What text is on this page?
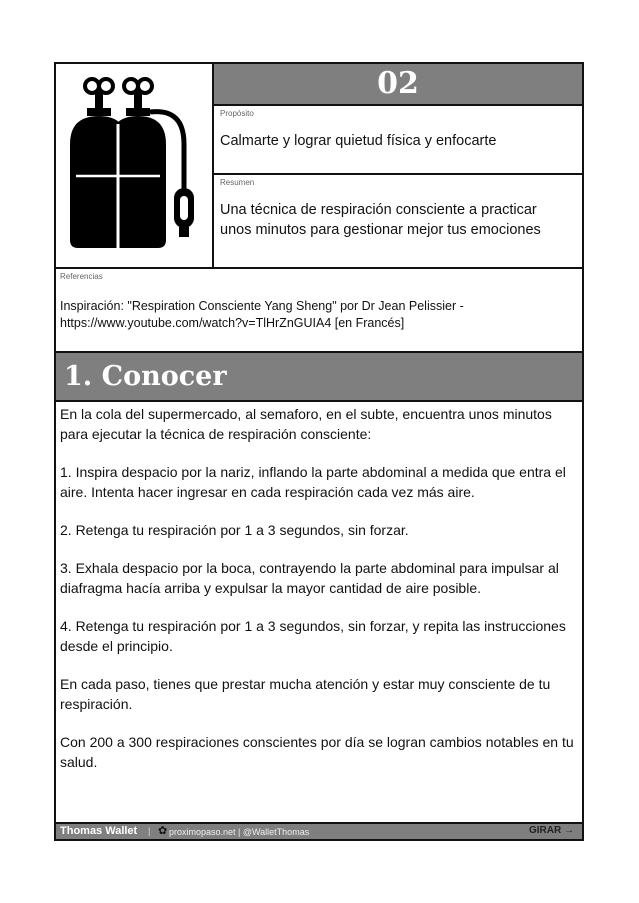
02
Propósito
Calmarte y lograr quietud física y enfocarte
Resumen
Una técnica de respiración consciente a practicar unos minutos para gestionar mejor tus emociones
Referencias
Inspiración: "Respiration Consciente Yang Sheng" por Dr Jean Pelissier - https://www.youtube.com/watch?v=TlHrZnGUIA4 [en Francés]
1. Conocer

En la cola del supermercado, al semaforo, en el subte, encuentra unos minutos para ejecutar la técnica de respiración consciente:

1. Inspira despacio por la nariz, inflando la parte abdominal a medida que entra el aire. Intenta hacer ingresar en cada respiración cada vez más aire.

2. Retenga tu respiración por 1 a 3 segundos, sin forzar.

3. Exhala despacio por la boca, contrayendo la parte abdominal para impulsar al diafragma hacía arriba y expulsar la mayor cantidad de aire posible.

4. Retenga tu respiración por 1 a 3 segundos, sin forzar, y repita las instrucciones desde el principio.

En cada paso, tienes que prestar mucha atención y estar muy consciente de tu respiración.

Con 200 a 300 respiraciones conscientes por día se logran cambios notables en tu salud.

Thomas Wallet | ✿ proximopaso.net | @WalletThomas	GIRAR →
